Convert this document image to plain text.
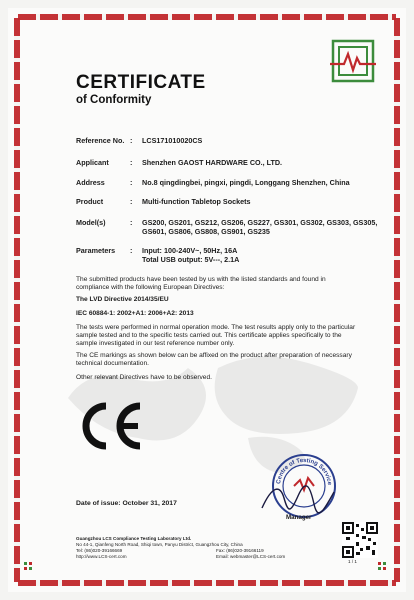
CERTIFICATE
of Conformity
Reference No. : LCS171010020CS
Applicant	: Shenzhen GAOST HARDWARE CO., LTD.
Address	: No.8 qingdingbei, pingxi, pingdi, Longgang Shenzhen, China
Product	: Multi-function Tabletop Sockets
Model(s)	: GS200, GS201, GS212, GS206, GS227, GS301, GS302, GS303, GS305, GS601, GS806, GS808, GS901, GS235
Parameters	: Input: 100-240V~, 50Hz, 16A
Total USB output: 5V---, 2.1A
The submitted products have been tested by us with the listed standards and found in compliance with the following European Directives:
The LVD Directive 2014/35/EU
IEC 60884-1: 2002+A1: 2006+A2: 2013
The tests were performed in normal operation mode. The test results apply only to the particular sample tested and to the specific tests carried out. This certificate applies specifically to the sample investigated in our test reference number only.
The CE markings as shown below can be affixed on the product after preparation of necessary technical documentation.
Other relevant Directives have to be observed.
Date of issue: October 31, 2017
Centre of Testing Service
Manager
Guangzhou LCS Compliance Testing Laboratory Ltd.
No 44-1, Qianfeng North Road, Shiqi town, Panyu District, Guangzhou City, China
Tel: (86)020-39166669
http://www.LCS-cert.com
Fax: (86)020-39166119
Email: webmaster@LCS-cert.com
1 / 1
